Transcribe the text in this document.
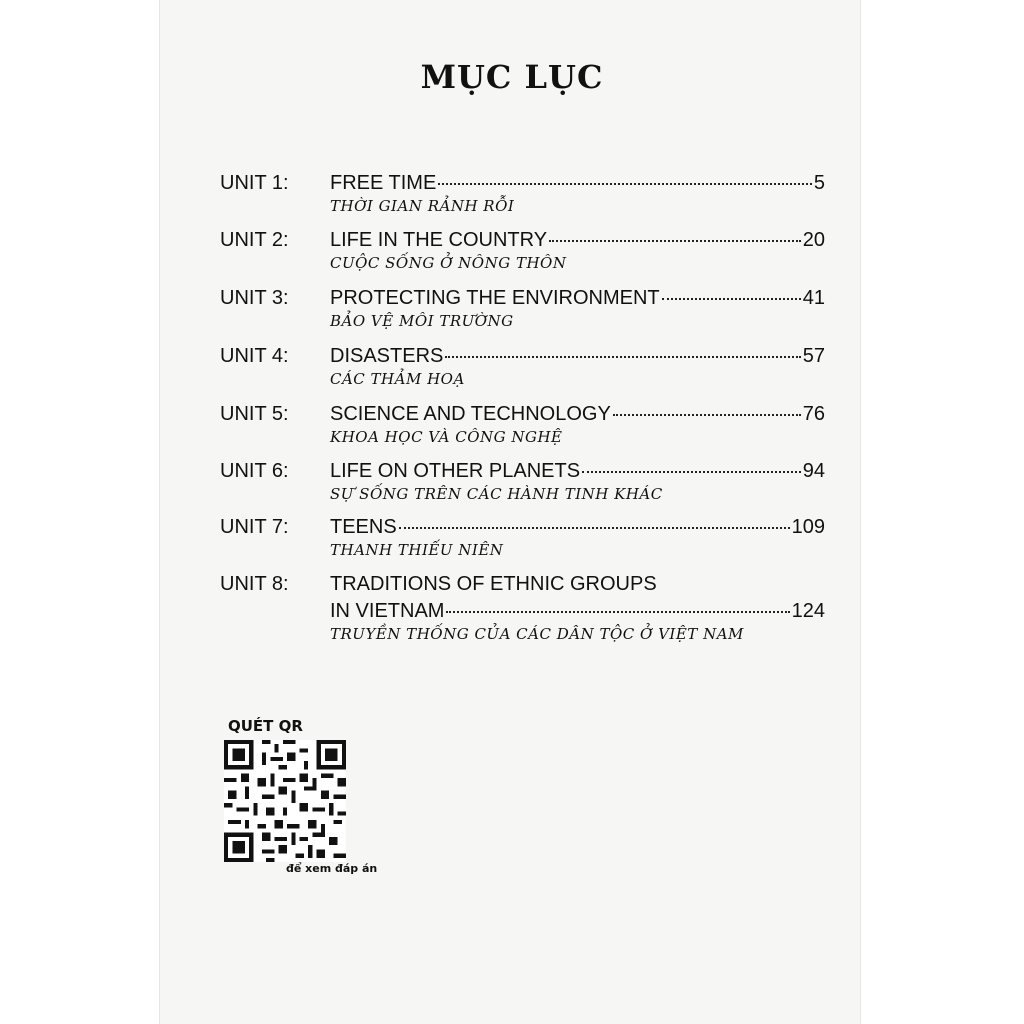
MỤC LỤC
UNIT 1: FREE TIME	5
THỜI GIAN RẢNH RỖI
UNIT 2: LIFE IN THE COUNTRY	20
CUỘC SỐNG Ở NÔNG THÔN
UNIT 3: PROTECTING THE ENVIRONMENT	41
BẢO VỆ MÔI TRƯỜNG
UNIT 4: DISASTERS	57
CÁC THẢM HOẠ
UNIT 5: SCIENCE AND TECHNOLOGY	76
KHOA HỌC VÀ CÔNG NGHỆ
UNIT 6: LIFE ON OTHER PLANETS	94
SỰ SỐNG TRÊN CÁC HÀNH TINH KHÁC
UNIT 7: TEENS	109
THANH THIẾU NIÊN
UNIT 8: TRADITIONS OF ETHNIC GROUPS
IN VIETNAM	124
TRUYỀN THỐNG CỦA CÁC DÂN TỘC Ở VIỆT NAM
QUÉT QR
để xem đáp án
